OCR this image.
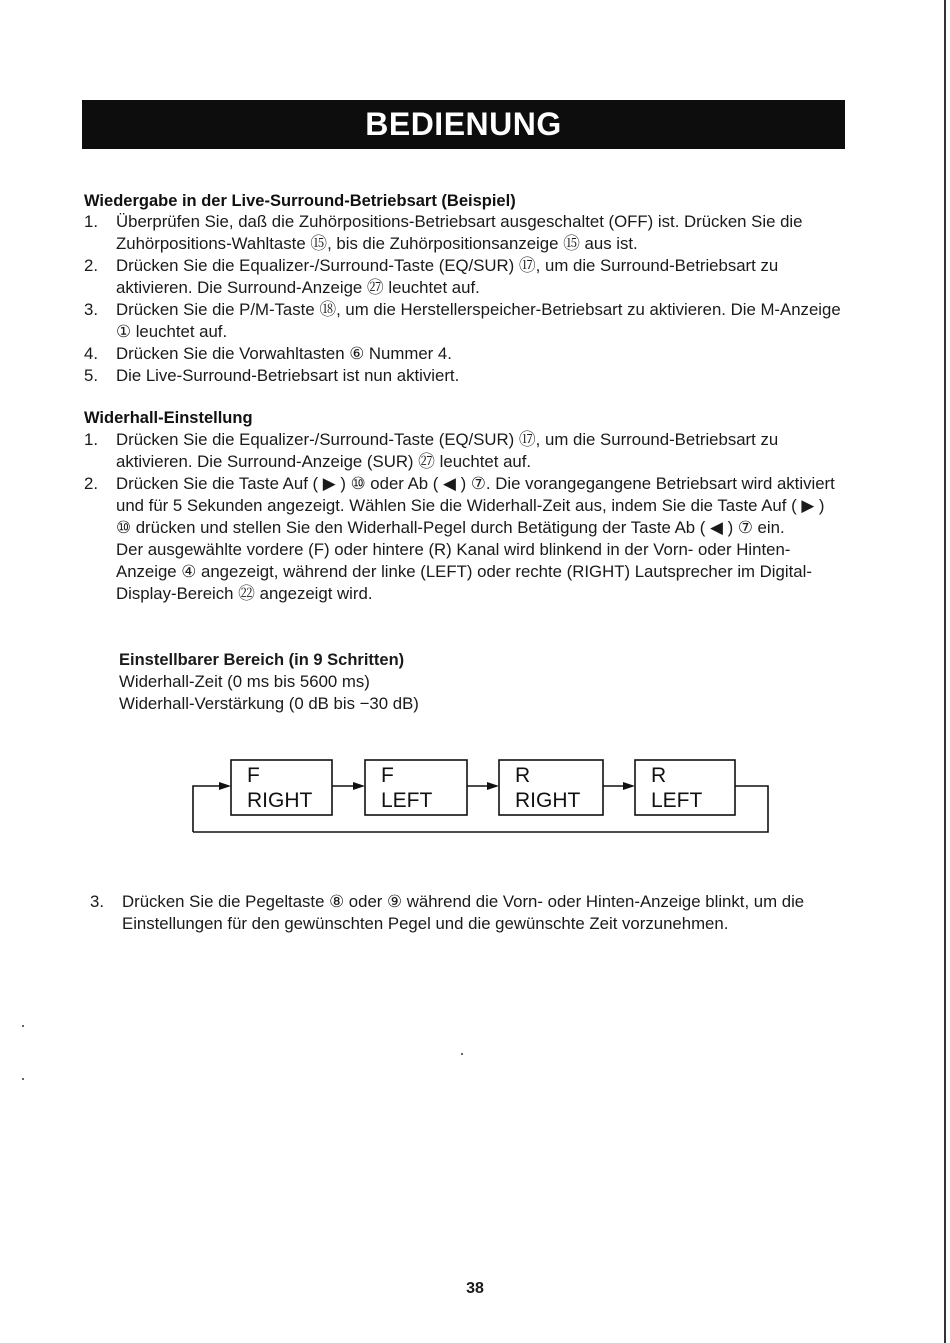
BEDIENUNG
Wiedergabe in der Live-Surround-Betriebsart (Beispiel)
1.	Überprüfen Sie, daß die Zuhörpositions-Betriebsart ausgeschaltet (OFF) ist. Drücken Sie die Zuhörpositions-Wahltaste ⑮, bis die Zuhörpositionsanzeige ⑮ aus ist.
2.	Drücken Sie die Equalizer-/Surround-Taste (EQ/SUR) ⑰, um die Surround-Betriebsart zu aktivieren. Die Surround-Anzeige ㉗ leuchtet auf.
3.	Drücken Sie die P/M-Taste ⑱, um die Herstellerspeicher-Betriebsart zu aktivieren. Die M-Anzeige ① leuchtet auf.
4.	Drücken Sie die Vorwahltasten ⑥ Nummer 4.
5.	Die Live-Surround-Betriebsart ist nun aktiviert.
Widerhall-Einstellung
1.	Drücken Sie die Equalizer-/Surround-Taste (EQ/SUR) ⑰, um die Surround-Betriebsart zu aktivieren. Die Surround-Anzeige (SUR) ㉗ leuchtet auf.
2.	Drücken Sie die Taste Auf ( ▶ ) ⑩ oder Ab ( ◀ ) ⑦. Die vorangegangene Betriebsart wird aktiviert und für 5 Sekunden angezeigt. Wählen Sie die Widerhall-Zeit aus, indem Sie die Taste Auf ( ▶ ) ⑩ drücken und stellen Sie den Widerhall-Pegel durch Betätigung der Taste Ab ( ◀ ) ⑦ ein.
Der ausgewählte vordere (F) oder hintere (R) Kanal wird blinkend in der Vorn- oder Hinten-Anzeige ④ angezeigt, während der linke (LEFT) oder rechte (RIGHT) Lautsprecher im Digital-Display-Bereich ㉒ angezeigt wird.
Einstellbarer Bereich (in 9 Schritten)
Widerhall-Zeit (0 ms bis 5600 ms)
Widerhall-Verstärkung (0 dB bis −30 dB)
F
RIGHT
F
LEFT
R
RIGHT
R
LEFT
3.	Drücken Sie die Pegeltaste ⑧ oder ⑨ während die Vorn- oder Hinten-Anzeige blinkt, um die Einstellungen für den gewünschten Pegel und die gewünschte Zeit vorzunehmen.
38
